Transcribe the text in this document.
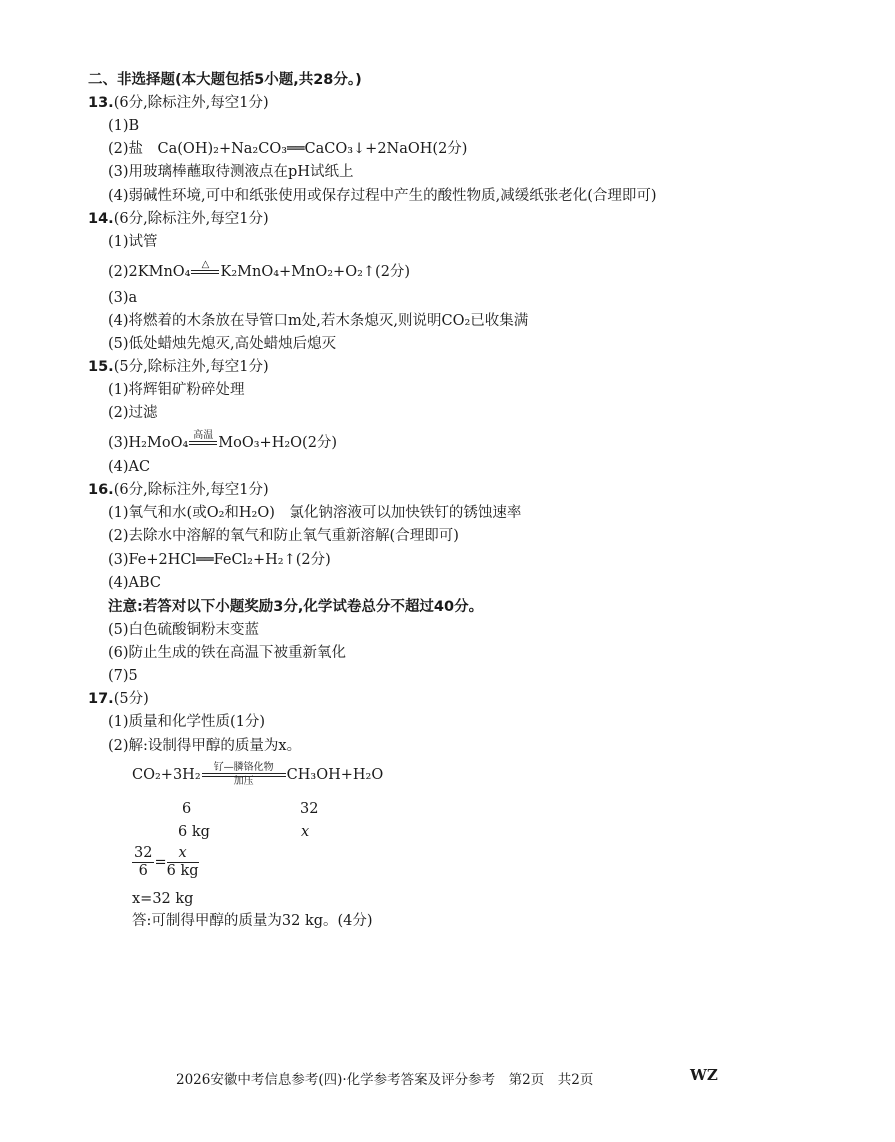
二、非选择题(本大题包括5小题,共28分。)
13.(6分,除标注外,每空1分)
(1)B
(2)盐　Ca(OH)₂+Na₂CO₃══CaCO₃↓+2NaOH(2分)
(3)用玻璃棒蘸取待测液点在pH试纸上
(4)弱碱性环境,可中和纸张使用或保存过程中产生的酸性物质,减缓纸张老化(合理即可)
14.(6分,除标注外,每空1分)
(1)试管
(2)2KMnO₄	△
K₂MnO₄+MnO₂+O₂↑(2分)
(3)a
(4)将燃着的木条放在导管口m处,若木条熄灭,则说明CO₂已收集满
(5)低处蜡烛先熄灭,高处蜡烛后熄灭
15.(5分,除标注外,每空1分)
(1)将辉钼矿粉碎处理
(2)过滤
(3)H₂MoO₄ 高温
MoO₃+H₂O(2分)
(4)AC
16.(6分,除标注外,每空1分)
(1)氧气和水(或O₂和H₂O)　氯化钠溶液可以加快铁钉的锈蚀速率
(2)去除水中溶解的氧气和防止氧气重新溶解(合理即可)
(3)Fe+2HCl══FeCl₂+H₂↑(2分)
(4)ABC
注意:若答对以下小题奖励3分,化学试卷总分不超过40分。
(5)白色硫酸铜粉末变蓝
(6)防止生成的铁在高温下被重新氧化
(7)5
17.(5分)
(1)质量和化学性质(1分)
(2)解:设制得甲醇的质量为x。
CO₂+3H₂	钌—膦铬化物
加压	CH₃OH+H₂O
6	32
6 kg	x
$\frac{32}{6} = \frac{x}{6 kg}$
x=32 kg
答:可制得甲醇的质量为32 kg。(4分)
2026安徽中考信息参考(四)·化学参考答案及评分参考　第2页　共2页	WZ
